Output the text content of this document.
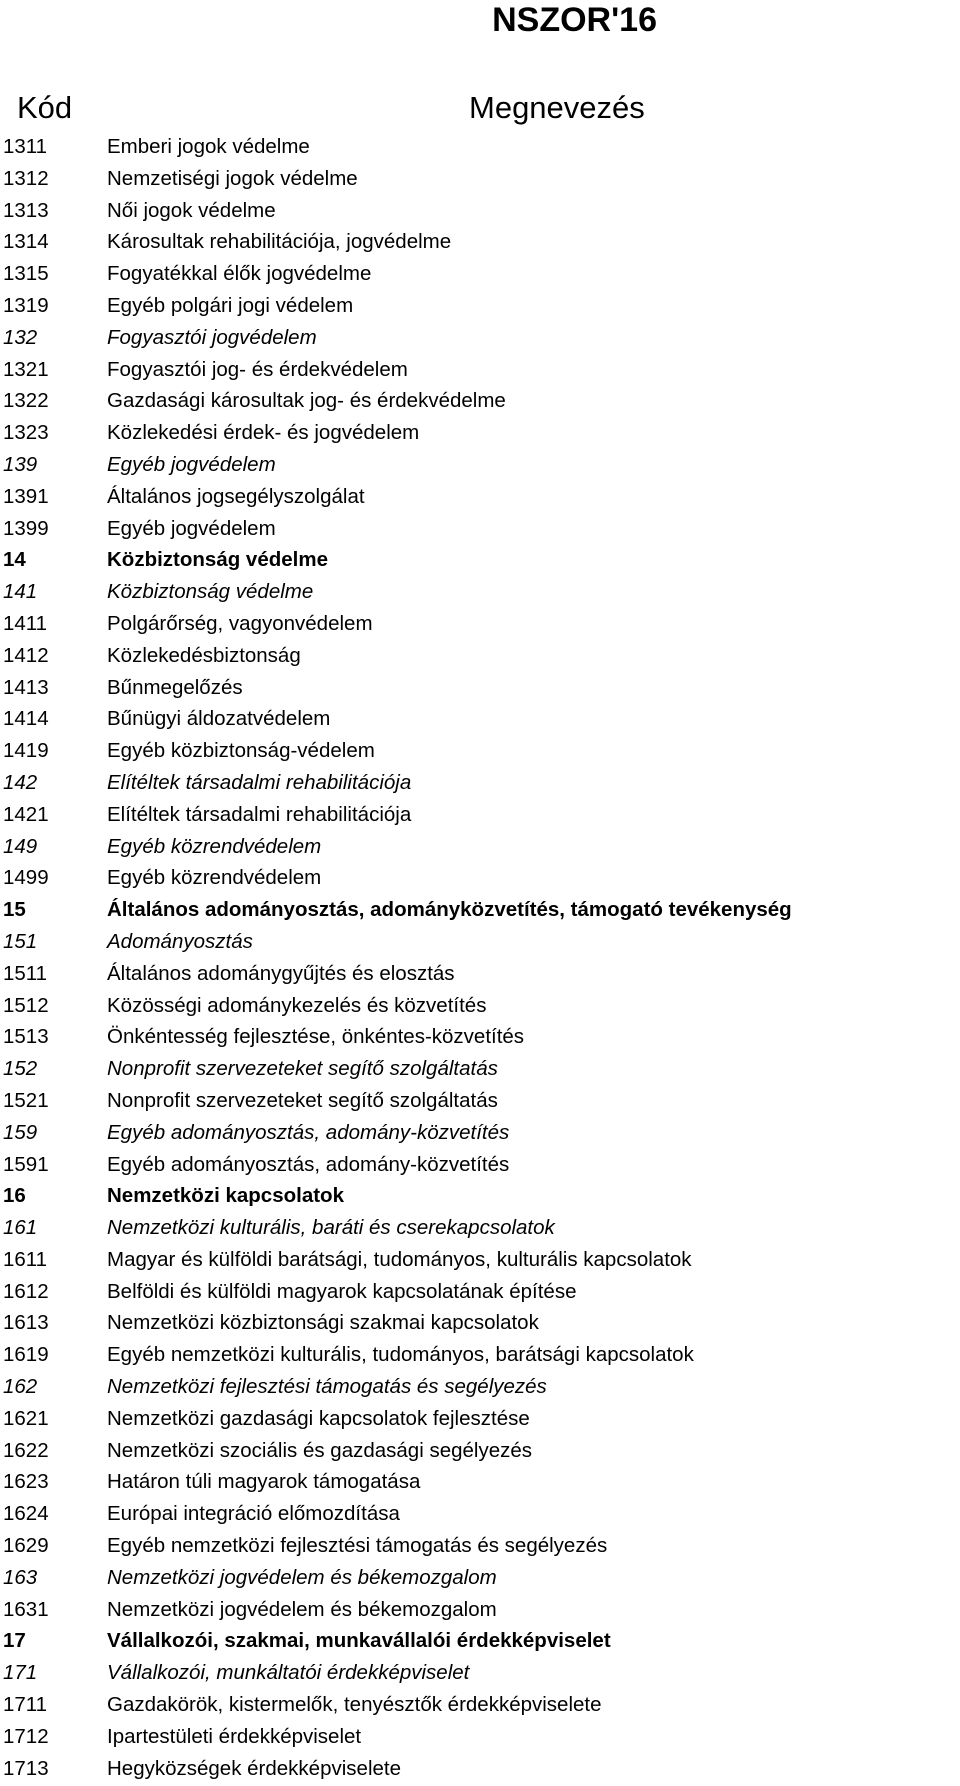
NSZOR'16
Kód	Megnevezés
1311	Emberi jogok védelme
1312	Nemzetiségi jogok védelme
1313	Női jogok védelme
1314	Károsultak rehabilitációja, jogvédelme
1315	Fogyatékkal élők jogvédelme
1319	Egyéb polgári jogi védelem
132	Fogyasztói jogvédelem
1321	Fogyasztói jog- és érdekvédelem
1322	Gazdasági károsultak jog- és érdekvédelme
1323	Közlekedési érdek- és jogvédelem
139	Egyéb jogvédelem
1391	Általános jogsegélyszolgálat
1399	Egyéb jogvédelem
14	Közbiztonság védelme
141	Közbiztonság védelme
1411	Polgárőrség, vagyonvédelem
1412	Közlekedésbiztonság
1413	Bűnmegelőzés
1414	Bűnügyi áldozatvédelem
1419	Egyéb közbiztonság-védelem
142	Elítéltek társadalmi rehabilitációja
1421	Elítéltek társadalmi rehabilitációja
149	Egyéb közrendvédelem
1499	Egyéb közrendvédelem
15	Általános adományosztás, adományközvetítés, támogató tevékenység
151	Adományosztás
1511	Általános adománygyűjtés és elosztás
1512	Közösségi adománykezelés és közvetítés
1513	Önkéntesség fejlesztése, önkéntes-közvetítés
152	Nonprofit szervezeteket segítő szolgáltatás
1521	Nonprofit szervezeteket segítő szolgáltatás
159	Egyéb adományosztás, adomány-közvetítés
1591	Egyéb adományosztás, adomány-közvetítés
16	Nemzetközi kapcsolatok
161	Nemzetközi kulturális, baráti és cserekapcsolatok
1611	Magyar és külföldi barátsági, tudományos, kulturális kapcsolatok
1612	Belföldi és külföldi magyarok kapcsolatának építése
1613	Nemzetközi közbiztonsági szakmai kapcsolatok
1619	Egyéb nemzetközi kulturális, tudományos, barátsági kapcsolatok
162	Nemzetközi fejlesztési támogatás és segélyezés
1621	Nemzetközi gazdasági kapcsolatok fejlesztése
1622	Nemzetközi szociális és gazdasági segélyezés
1623	Határon túli magyarok támogatása
1624	Európai integráció előmozdítása
1629	Egyéb nemzetközi fejlesztési támogatás és segélyezés
163	Nemzetközi jogvédelem és békemozgalom
1631	Nemzetközi jogvédelem és békemozgalom
17	Vállalkozói, szakmai, munkavállalói érdekképviselet
171	Vállalkozói, munkáltatói érdekképviselet
1711	Gazdakörök, kistermelők, tenyésztők érdekképviselete
1712	Ipartestületi érdekképviselet
1713	Hegyközségek érdekképviselete
